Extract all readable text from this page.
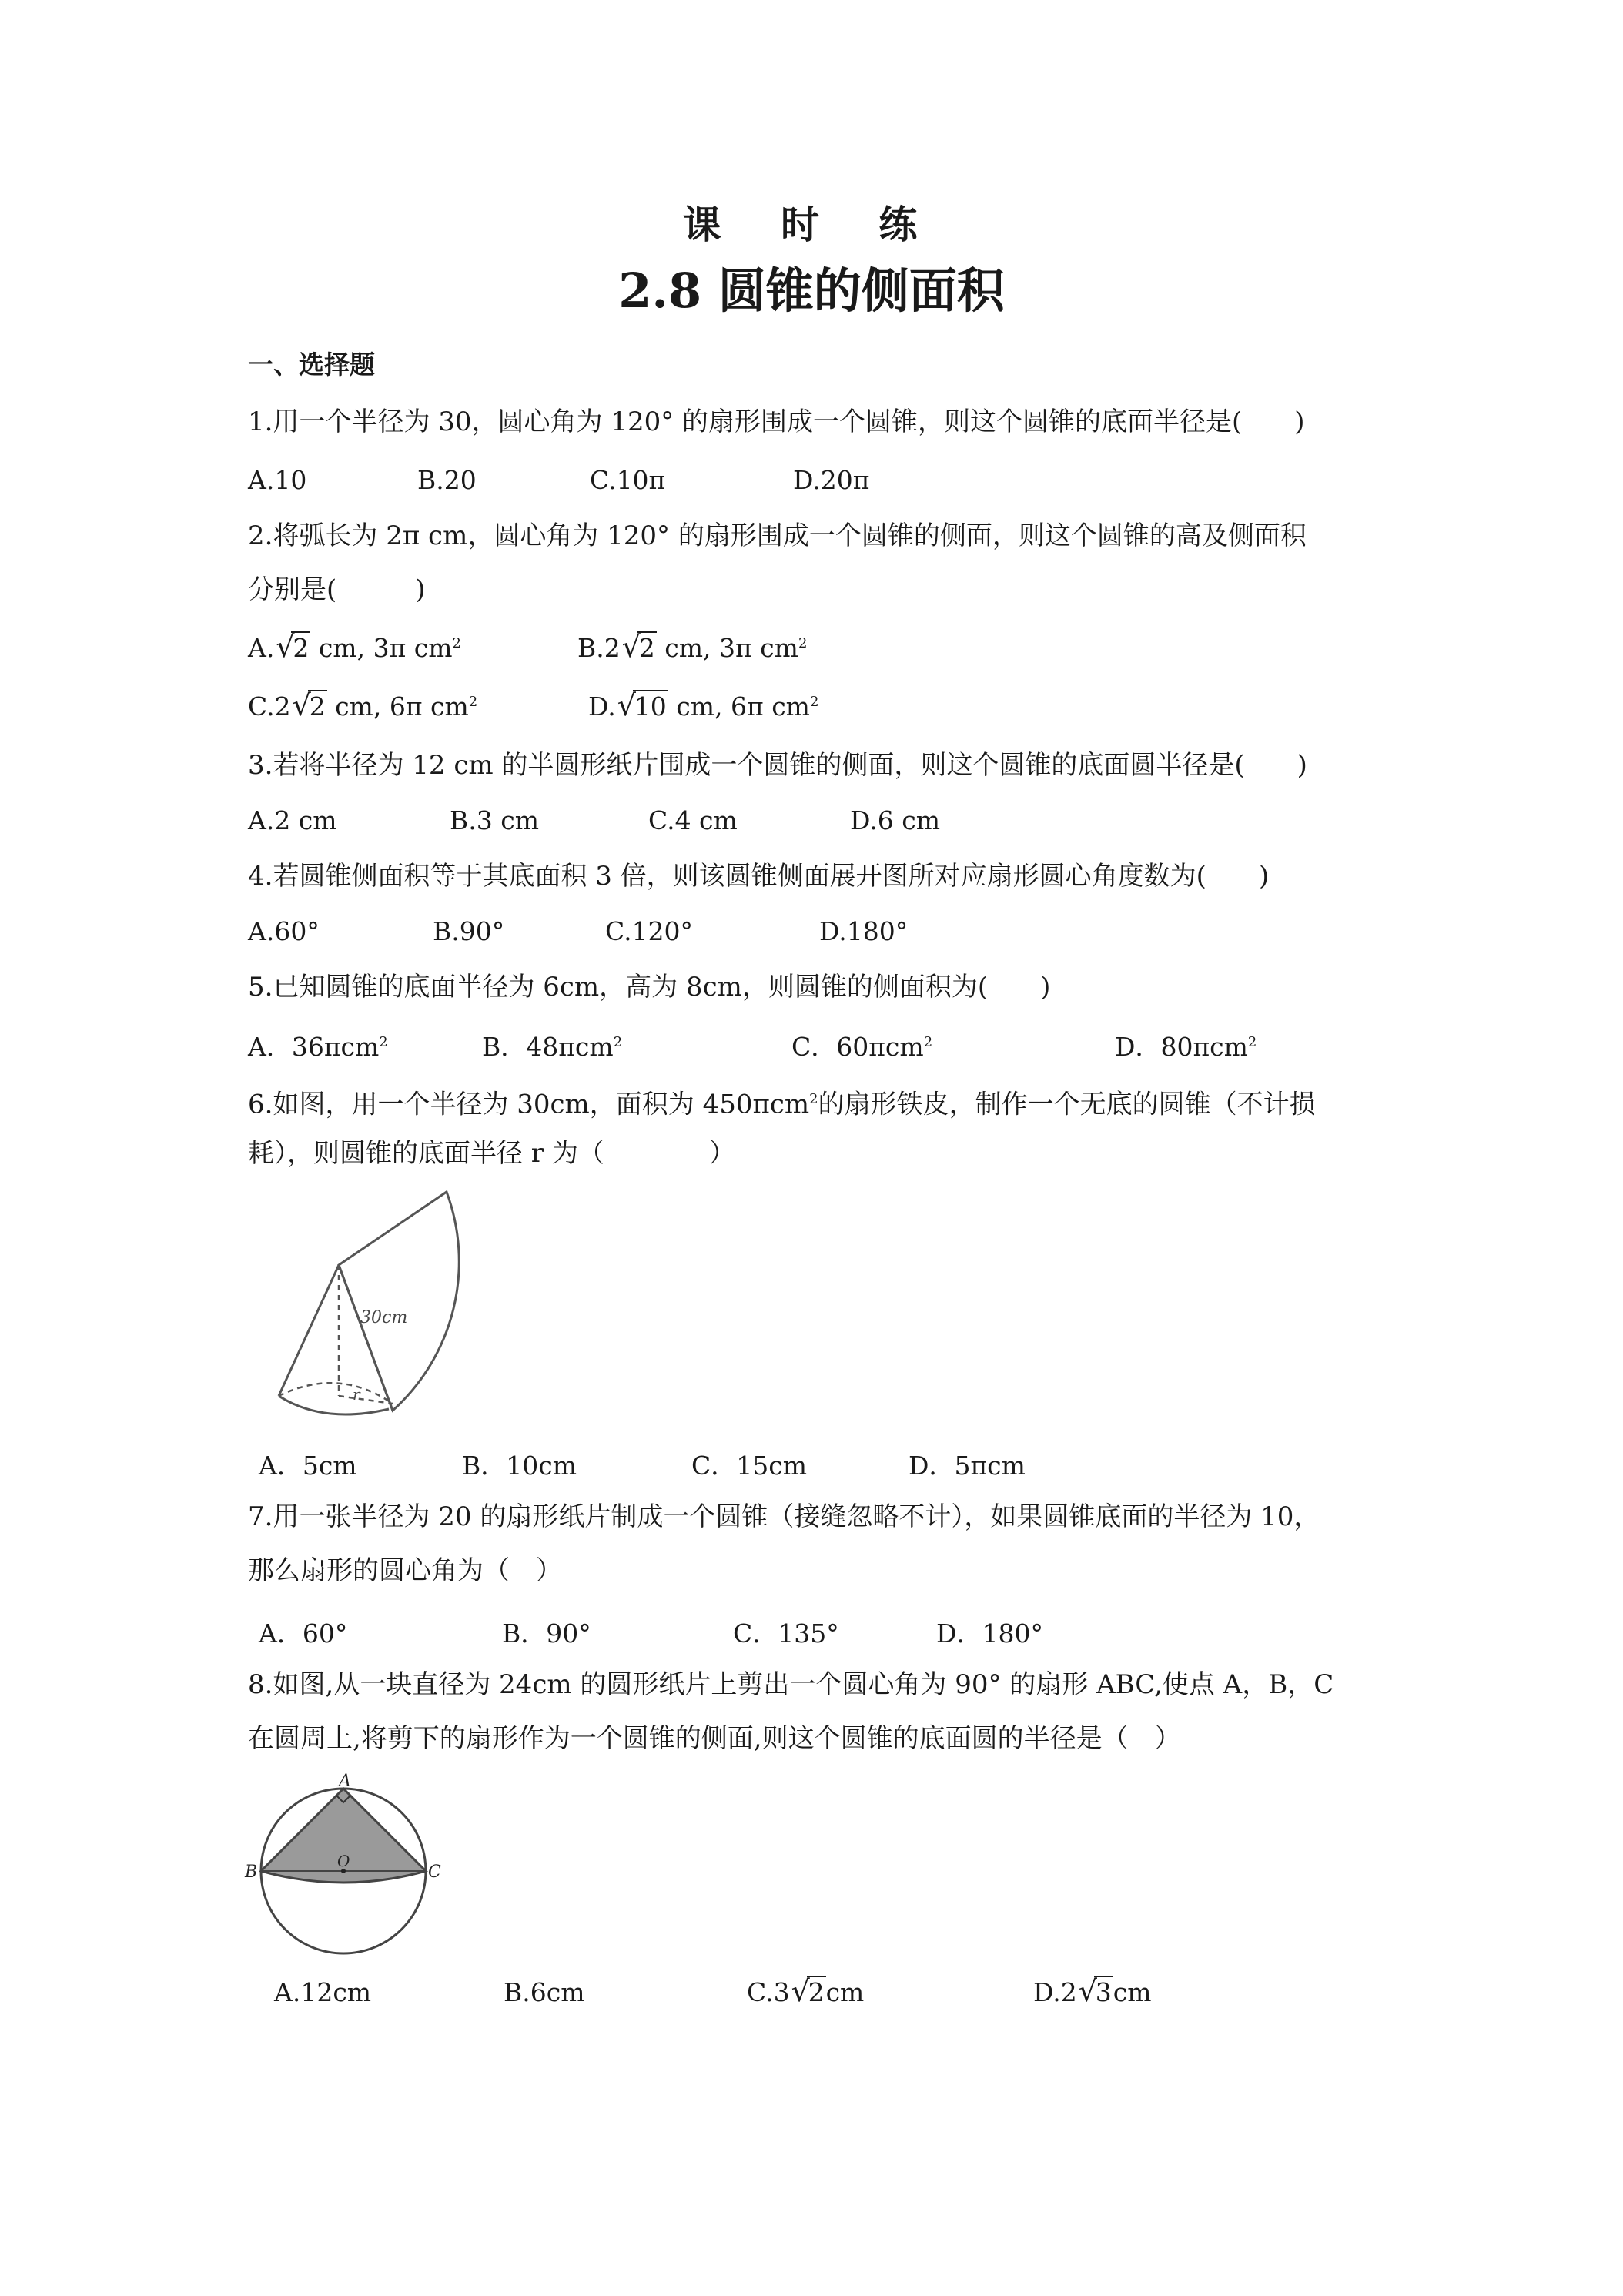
课 时 练
2.8 圆锥的侧面积
一、选择题
1.用一个半径为 30，圆心角为 120° 的扇形围成一个圆锥，则这个圆锥的底面半径是(　　)
A.10	B.20	C.10π	D.20π
2.将弧长为 2π cm，圆心角为 120° 的扇形围成一个圆锥的侧面，则这个圆锥的高及侧面积
分别是(　　　)
A. √ 2 cm, 3π $cm^2$	B.2 √ 2 cm, 3π $cm^2$
C.2 √ 2 cm, 6π $cm^2$	D. √ 10 cm, 6π $cm^2$
3.若将半径为 12 cm 的半圆形纸片围成一个圆锥的侧面，则这个圆锥的底面圆半径是(　　)
A.2 cm	B.3 cm	C.4 cm	D.6 cm
4.若圆锥侧面积等于其底面积 3 倍，则该圆锥侧面展开图所对应扇形圆心角度数为(　　)
A.60°	B.90°	C.120°	D.180°
5.已知圆锥的底面半径为 6cm，高为 8cm，则圆锥的侧面积为(　　)
A．36πcm$^2$	B．48πcm$^2$	C．60πcm$^2$	D．80πcm$^2$
6.如图，用一个半径为 30cm，面积为 450πcm$^2$的扇形铁皮，制作一个无底的圆锥（不计损
耗），则圆锥的底面半径 r 为（　　　　）
30cm
r
A．5cm	B．10cm	C．15cm	D．5πcm
7.用一张半径为 20 的扇形纸片制成一个圆锥（接缝忽略不计），如果圆锥底面的半径为 10，
那么扇形的圆心角为（　）
A．60°	B．90°	C．135°	D．180°
8.如图,从一块直径为 24cm 的圆形纸片上剪出一个圆心角为 90° 的扇形 ABC,使点 A，B，C
在圆周上,将剪下的扇形作为一个圆锥的侧面,则这个圆锥的底面圆的半径是（　）
A
B	C
O
A.12cm	B.6cm	C.3 √ 2cm	D.2 √ 3cm
